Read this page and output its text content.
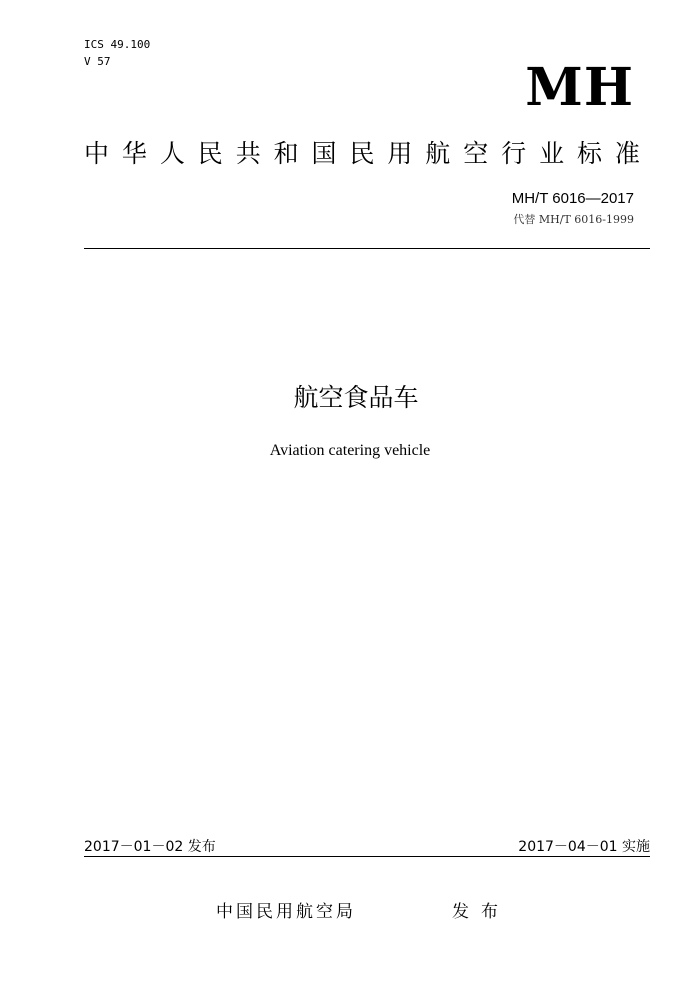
ICS 49.100
V 57	MH
中 华 人 民 共 和 国 民 用 航 空 行 业 标 准
MH/T 6016—2017
代替 MH/T 6016-1999
航空食品车
Aviation catering vehicle
2017－01－02 发布	2017－04－01 实施
中国民用航空局	发布
